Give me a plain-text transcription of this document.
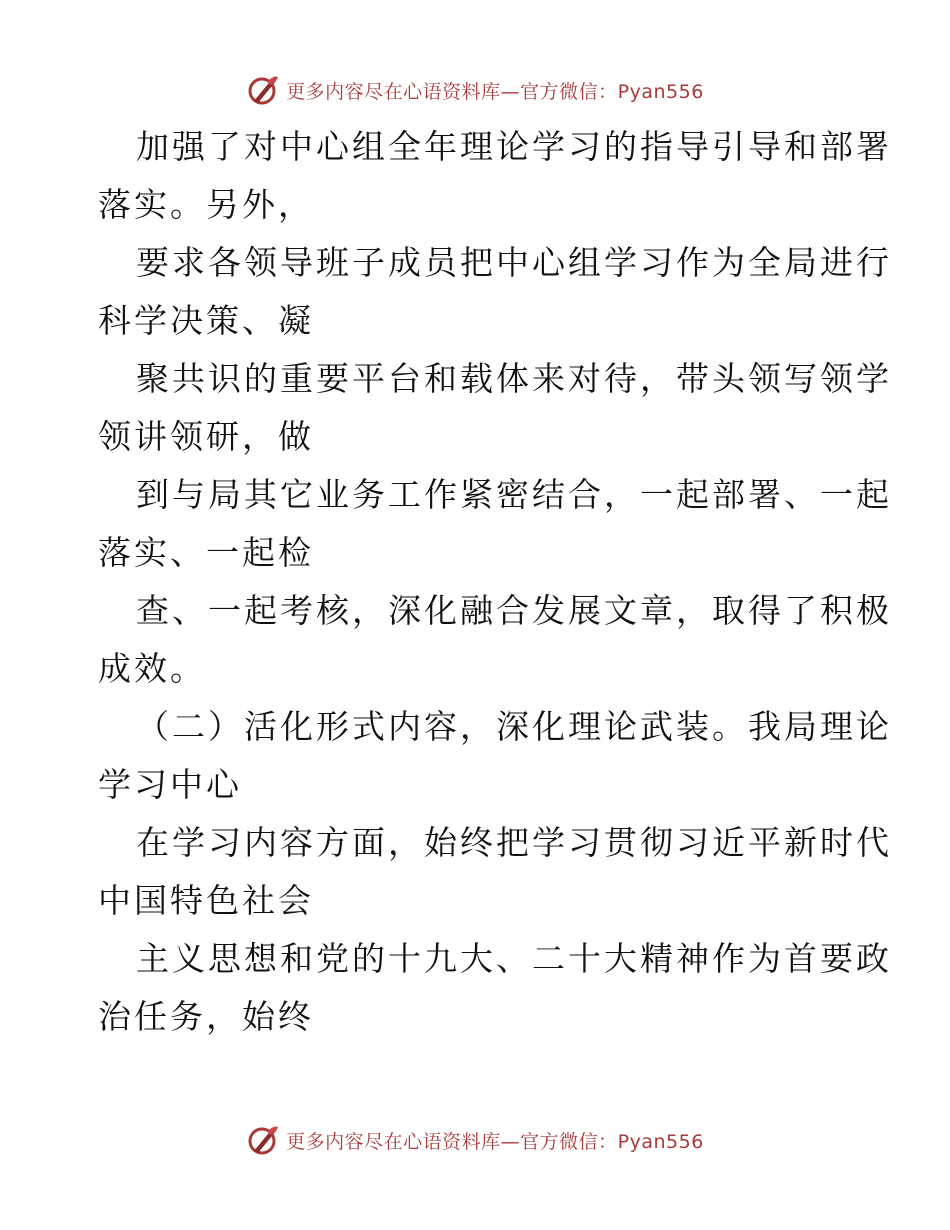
更多内容尽在心语资料库—官方微信：Pyan556

加强了对中心组全年理论学习的指导引导和部署
落实。另外，

要求各领导班子成员把中心组学习作为全局进行
科学决策、凝

聚共识的重要平台和载体来对待，带头领写领学
领讲领研，做

到与局其它业务工作紧密结合，一起部署、一起
落实、一起检

查、一起考核，深化融合发展文章，取得了积极
成效。

（二）活化形式内容，深化理论武装。我局理论
学习中心

在学习内容方面，始终把学习贯彻习近平新时代
中国特色社会

主义思想和党的十九大、二十大精神作为首要政
治任务，始终

更多内容尽在心语资料库—官方微信：Pyan556
